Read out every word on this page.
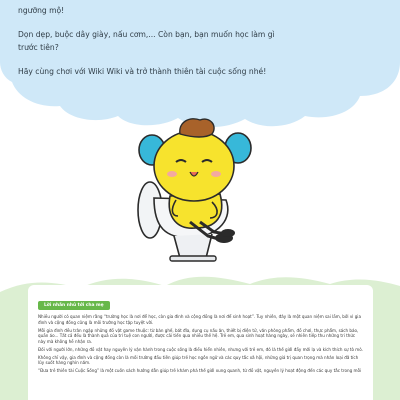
ngưỡng mộ!

Dọn dẹp, buộc dây giày, nấu cơm,... Còn bạn, bạn muốn học làm gì

trước tiên?

Hãy cùng chơi với Wiki Wiki và trở thành thiên tài cuộc sống nhé!

Lời nhắn nhủ tới cha mẹ

Nhiều người có quan niệm rằng “trường học là nơi để học, còn gia đình và cộng đồng là nơi để sinh hoạt”. Tuy nhiên, đây là một quan niệm sai lầm, bởi vì gia đình và cộng đồng cũng là môi trường học tập tuyệt vời.

Mỗi gia đình đều trân ngập những đồ vật game thuộc: từ bàn ghế, bát đĩa, dụng cụ nấu ăn, thiết bị điện tử, văn phòng phẩm, đồ chơi, thực phẩm, sách báo, quần áo... Tất cả đều là thành quả của trí tuệ con người, được cải tiến qua nhiều thế hệ. Trẻ em, qua sinh hoạt hàng ngày, sẽ nhiên tiếp thu những tri thức này mà không hề nhận ra.

Đối với người lớn, những đồ vật hay nguyên lý vận hành trong cuộc sống là điều hiển nhiên, nhưng với trẻ em, đó là thế giới đầy mới lạ và kích thích sự tò mò.

Không chỉ vậy, gia đình và cộng đồng còn là môi trường đầu tiên giúp trẻ học ngôn ngữ và các quy tắc xã hội, những giá trị quan trọng mà nhân loại đã tích lũy suốt hàng nghìn năm.

“Đưa trẻ thiên tài Cuộc Sống” là một cuốn sách hướng dẫn giúp trẻ khám phá thế giới xung quanh, từ đồ vật, nguyên lý hoạt động đến các quy tắc trong mỗi
